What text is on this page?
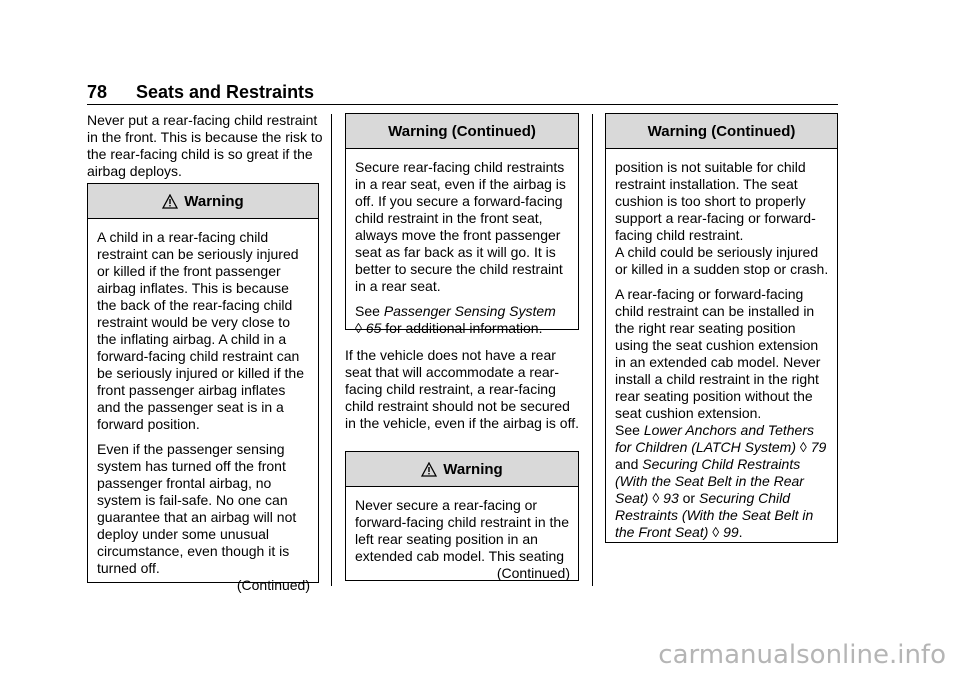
78 Seats and Restraints

Never put a rear-facing child restraint in the front. This is because the risk to the rear-facing child is so great if the airbag deploys.

Warning

A child in a rear-facing child restraint can be seriously injured or killed if the front passenger airbag inflates. This is because the back of the rear-facing child restraint would be very close to the inflating airbag. A child in a forward-facing child restraint can be seriously injured or killed if the front passenger airbag inflates and the passenger seat is in a forward position.

Even if the passenger sensing system has turned off the front passenger frontal airbag, no system is fail-safe. No one can guarantee that an airbag will not deploy under some unusual circumstance, even though it is turned off.

(Continued)

Warning (Continued)

Secure rear-facing child restraints in a rear seat, even if the airbag is off. If you secure a forward-facing child restraint in the front seat, always move the front passenger seat as far back as it will go. It is better to secure the child restraint in a rear seat.

See Passenger Sensing System
◊ 65 for additional information.

If the vehicle does not have a rear seat that will accommodate a rear-facing child restraint, a rear-facing child restraint should not be secured in the vehicle, even if the airbag is off.

Warning

Never secure a rear-facing or forward-facing child restraint in the left rear seating position in an extended cab model. This seating

(Continued)

Warning (Continued)

position is not suitable for child restraint installation. The seat cushion is too short to properly support a rear-facing or forward-facing child restraint.

A child could be seriously injured or killed in a sudden stop or crash.

A rear-facing or forward-facing child restraint can be installed in the right rear seating position using the seat cushion extension in an extended cab model. Never install a child restraint in the right rear seating position without the seat cushion extension.

See Lower Anchors and Tethers for Children (LATCH System) ◊ 79 and Securing Child Restraints (With the Seat Belt in the Rear Seat) ◊ 93 or Securing Child Restraints (With the Seat Belt in the Front Seat) ◊ 99.

carmanualsonline.info
